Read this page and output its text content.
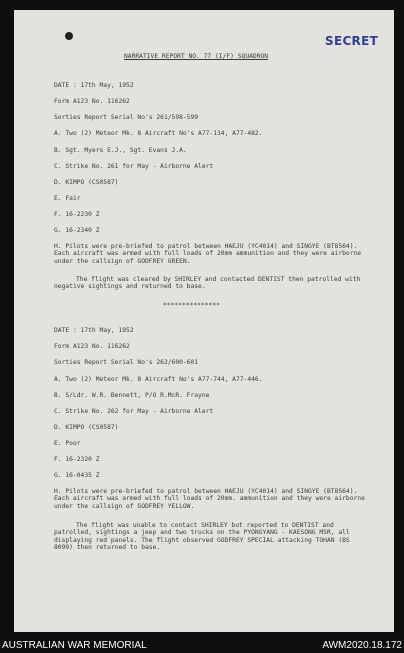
SECRET
NARRATIVE REPORT NO. 77 (I/F) SQUADRON
DATE : 17th May, 1952
Form A123 No. 116262
Sorties Report Serial No's 261/598-599
A. Two (2) Meteor Mk. 8 Aircraft No's A77-134, A77-482.
B. Sgt. Myers E.J., Sgt. Evans J.A.
C. Strike No. 261 for May - Airborne Alert
D. KIMPO (CS0587)
E. Fair
F. 16-2230 Z
G. 16-2340 Z

H. Pilots were pre-briefed to patrol between HAEJU (YC4014) and SINGYE (BT8564). Each aircraft was armed with full loads of 20mm ammunition and they were airborne under the callsign of GODFREY GREEN.

The flight was cleared by SHIRLEY and contacted DENTIST then patrolled with negative sightings and returned to base.

***************
DATE : 17th May, 1952
Form A123 No. 116262
Sorties Report Serial No's 262/600-601
A. Two (2) Meteor Mk. 8 Aircraft No's A77-744, A77-446.
B. S/Ldr. W.R. Bennett, P/O R.McR. Frayne
C. Strike No. 262 for May - Airborne Alert
D. KIMPO (CS0587)
E. Poor
F. 16-2320 Z
G. 16-0435 Z

H. Pilots were pre-briefed to patrol between HAEJU (YC4014) and SINGYE (BT8564). Each aircraft was armed with full loads of 20mm. ammunition and they were airborne under the callsign of GODFREY YELLOW.

The flight was unable to contact SHIRLEY but reported to DENTIST and patrolled, sightings a jeep and two trucks on the PYONGYANG - KAESONG MSR, all displaying red panels. The flight observed GODFREY SPECIAL attacking TOHAN (BS 8099) then returned to base.

AUSTRALIAN WAR MEMORIAL	AWM2020.18.172
